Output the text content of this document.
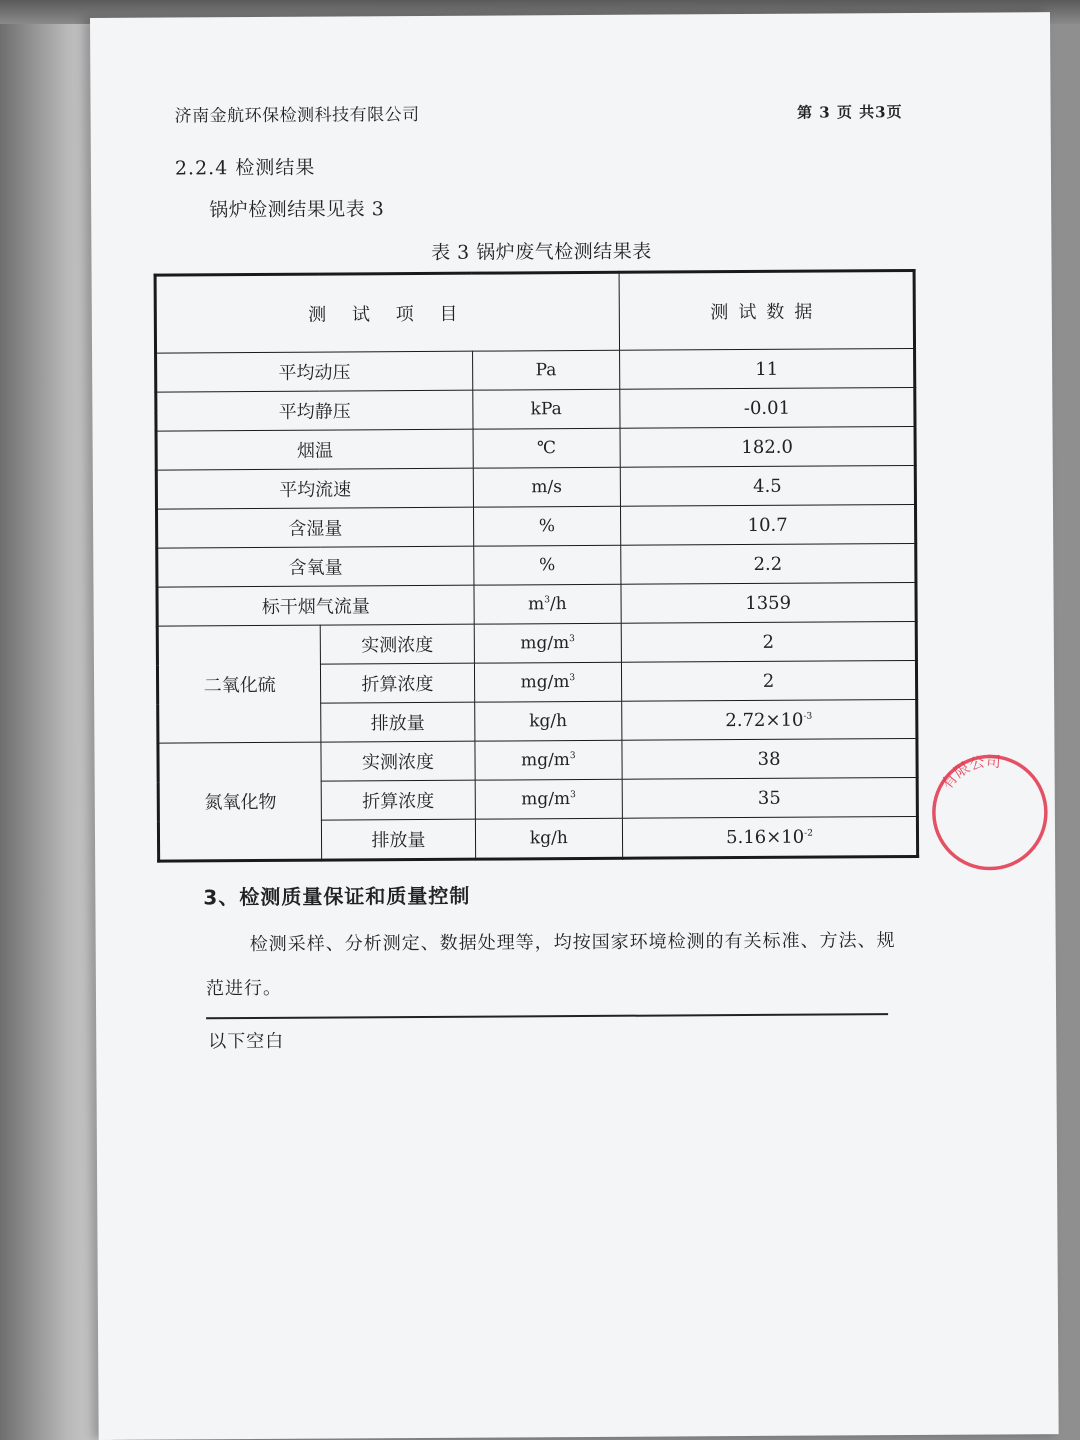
济南金航环保检测科技有限公司	第 3 页 共3页
2.2.4 检测结果
锅炉检测结果见表 3
表 3 锅炉废气检测结果表
测 试 项 目			测试数据
平均动压		Pa	11
平均静压		kPa	-0.01
烟温		℃	182.0
平均流速		m/s	4.5
含湿量		%	10.7
含氧量		%	2.2
标干烟气流量		$m^3/h$	1359
二氧化硫	实测浓度	$mg/m^3$	2
	折算浓度	$mg/m^3$	2
	排放量	kg/h	$2.72\times 10^{-3}$
氮氧化物	实测浓度	$mg/m^3$	38
	折算浓度	$mg/m^3$	35
	排放量	kg/h	$5.16\times 10^{-2}$
3、检测质量保证和质量控制
检测采样、分析测定、数据处理等，均按国家环境检测的有关标准、方法、规范进行。
以下空白
有限公司
